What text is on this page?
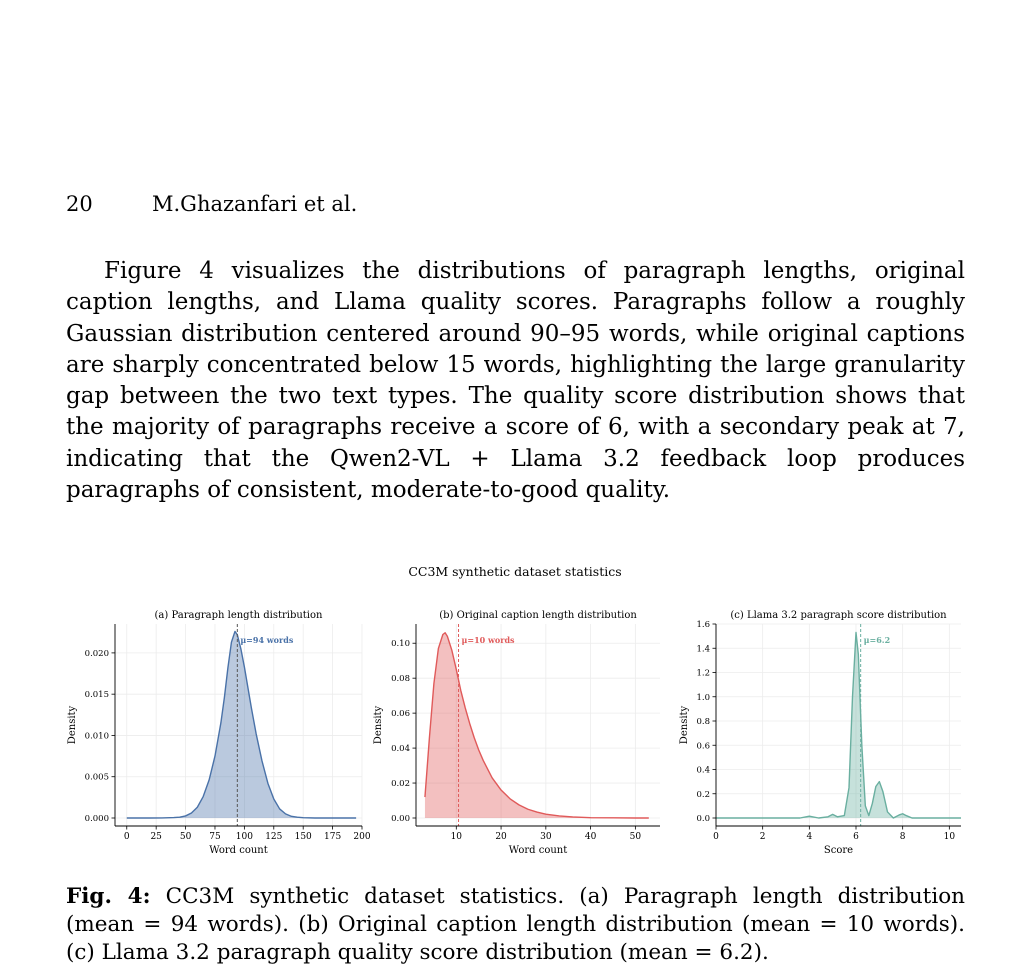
20	M.Ghazanfari et al.
Figure 4 visualizes the distributions of paragraph lengths, original caption lengths, and Llama quality scores. Paragraphs follow a roughly Gaussian distribution centered around 90–95 words, while original captions are sharply concentrated below 15 words, highlighting the large granularity gap between the two text types. The quality score distribution shows that the majority of paragraphs receive a score of 6, with a secondary peak at 7, indicating that the Qwen2-VL + Llama 3.2 feedback loop produces paragraphs of consistent, moderate-to-good quality.
CC3M synthetic dataset statistics
μ=94 words
0 25 50 75 100 125 150 175 200
0.000
0.005
0.010
0.015
0.020
(a) Paragraph length distribution
Word count
Density
μ=10 words
10	20	30	40	50
0.00
0.02
0.04
0.06
0.08
0.10
(b) Original caption length distribution
Word count
Density
μ=6.2
0	2	4	6	8	10
0.0
0.2
0.4
0.6
0.8
1.0
1.2
1.4
1.6
(c) Llama 3.2 paragraph score distribution
Score
Density
Fig. 4: CC3M synthetic dataset statistics. (a) Paragraph length distribution (mean = 94 words). (b) Original caption length distribution (mean = 10 words). (c) Llama 3.2 paragraph quality score distribution (mean = 6.2).
